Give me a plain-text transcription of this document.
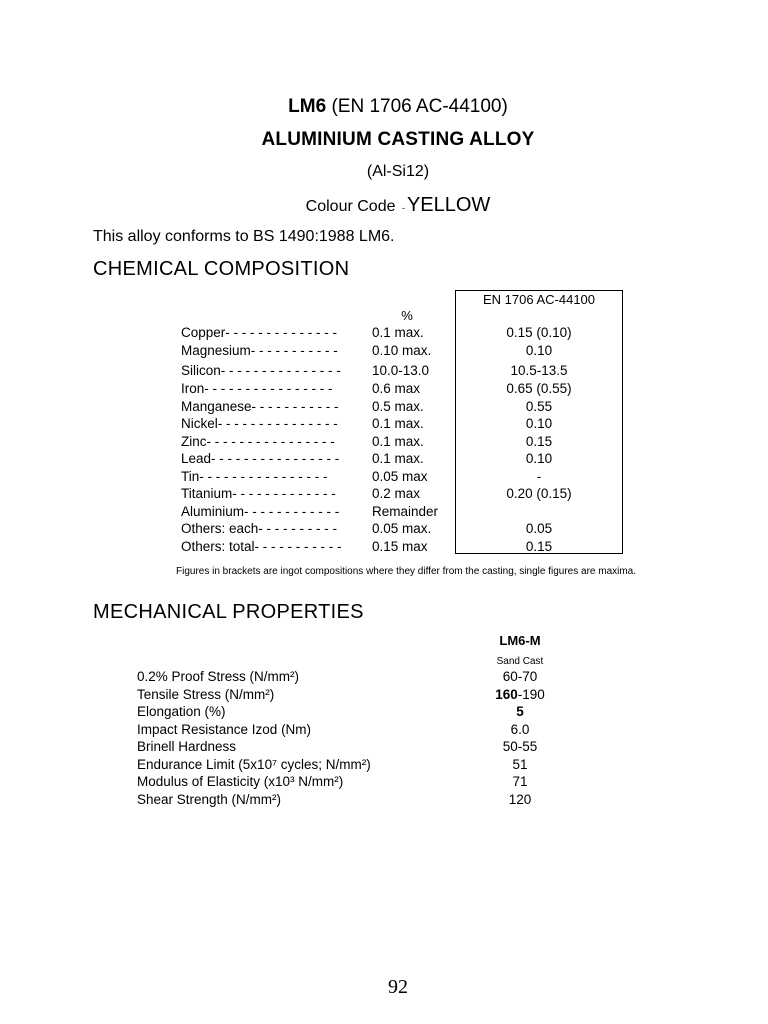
LM6 (EN 1706 AC-44100)
ALUMINIUM CASTING ALLOY
(Al-Si12)
Colour Code - YELLOW
This alloy conforms to BS 1490:1988 LM6.
CHEMICAL COMPOSITION
EN 1706 AC-44100
%
Copper- - - - - - - - - - - - - -	0.1 max.	0.15 (0.10)
Magnesium- - - - - - - - - - -	0.10 max.	0.10
Silicon- - - - - - - - - - - - - - - 10.0-13.0	10.5-13.5
Iron- - - - - - - - - - - - - - - -	0.6 max	0.65 (0.55)
Manganese- - - - - - - - - - - 0.5 max.	0.55
Nickel- - - - - - - - - - - - - - -	0.1 max.	0.10
Zinc- - - - - - - - - - - - - - - -	0.1 max.	0.15
Lead- - - - - - - - - - - - - - - - 0.1 max.	0.10
Tin- - - - - - - - - - - - - - - -	0.05 max	-
Titanium- - - - - - - - - - - - -	0.2 max	0.20 (0.15)
Aluminium- - - - - - - - - - - - Remainder
Others: each- - - - - - - - - -	0.05 max.	0.05
Others: total- - - - - - - - - - - 0.15 max	0.15
Figures in brackets are ingot compositions where they differ from the casting, single figures are maxima.
MECHANICAL PROPERTIES
LM6-M
Sand Cast
0.2% Proof Stress (N/mm²)	60-70
Tensile Stress (N/mm²)	160-190
Elongation (%)	5
Impact Resistance Izod (Nm)	6.0
Brinell Hardness	50-55
Endurance Limit (5x10⁷ cycles; N/mm²)	51
Modulus of Elasticity (x10³ N/mm²)	71
Shear Strength (N/mm²)	120
92
